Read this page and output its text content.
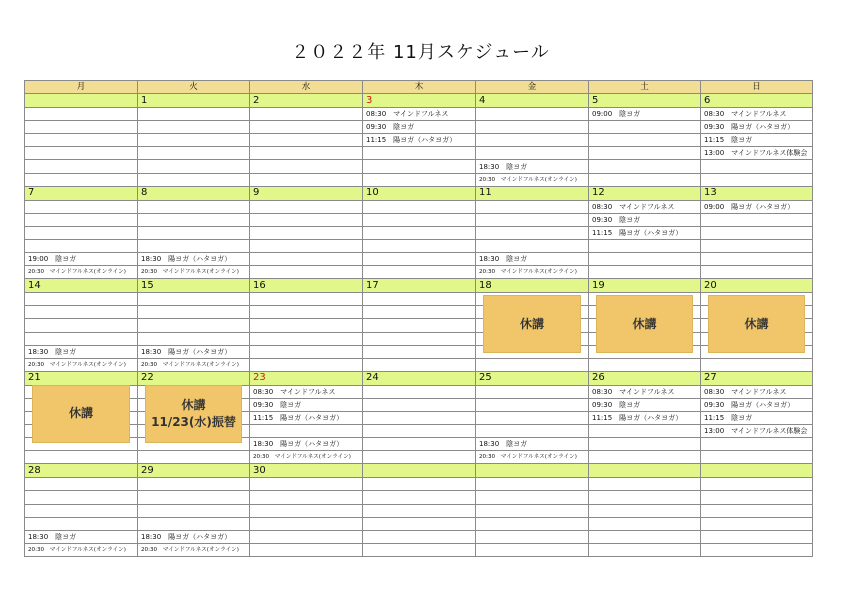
２０２２年 11月スケジュール
月	火	水	木	金	土	日
	1	2	3	4	5	6
			08:30　マインドフルネス		09:00　陰ヨガ	08:30　マインドフルネス
			09:30　陰ヨガ			09:30　陽ヨガ（ハタヨガ）
			11:15　陽ヨガ（ハタヨガ）			11:15　陰ヨガ
						13:00　マインドフルネス体験会
				18:30　陰ヨガ		
				20:30　マインドフルネス(オンライン)		
7	8	9	10	11	12	13
					08:30　マインドフルネス	09:00　陽ヨガ（ハタヨガ）
					09:30　陰ヨガ	
					11:15　陽ヨガ（ハタヨガ）	

19:00　陰ヨガ	18:30　陽ヨガ（ハタヨガ）			18:30　陰ヨガ		
20:30　マインドフルネス(オンライン)	20:30　マインドフルネス(オンライン)			20:30　マインドフルネス(オンライン)		
14	15	16	17	18	19	20

18:30　陰ヨガ	18:30　陽ヨガ（ハタヨガ）					
20:30　マインドフルネス(オンライン)	20:30　マインドフルネス(オンライン)					
21	22	23	24	25	26	27
		08:30　マインドフルネス			08:30　マインドフルネス	08:30　マインドフルネス
		09:30　陰ヨガ			09:30　陰ヨガ	09:30　陽ヨガ（ハタヨガ）
		11:15　陽ヨガ（ハタヨガ）			11:15　陽ヨガ（ハタヨガ）	11:15　陰ヨガ
						13:00　マインドフルネス体験会
		18:30　陽ヨガ（ハタヨガ）		18:30　陰ヨガ		
		20:30　マインドフルネス(オンライン)		20:30　マインドフルネス(オンライン)		
28	29	30				

18:30　陰ヨガ	18:30　陽ヨガ（ハタヨガ）					
20:30　マインドフルネス(オンライン)	20:30　マインドフルネス(オンライン)					
休講	休講	休講
休講
休講
11/23(水)振替
